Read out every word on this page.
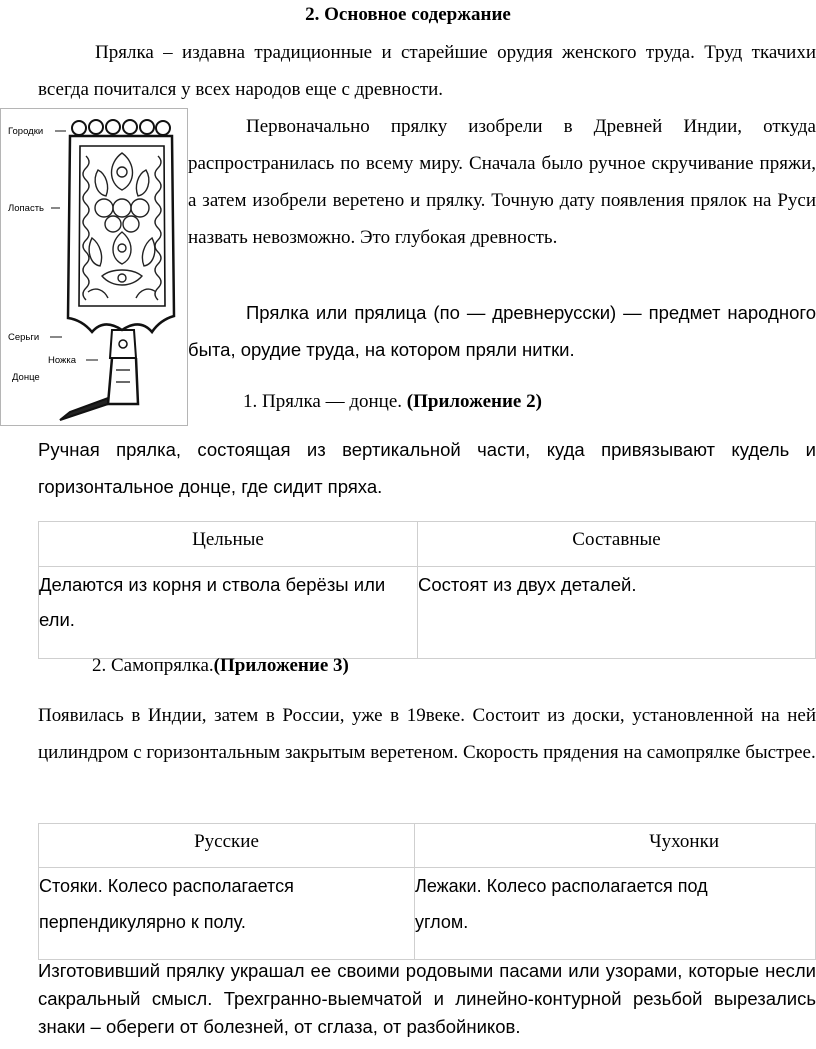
2. Основное содержание
Прялка – издавна традиционные и старейшие орудия женского труда. Труд ткачихи всегда почитался у всех народов еще с древности.
Городки
Лопасть
Серьги
Ножка
Донце
Первоначально прялку изобрели в Древней Индии, откуда распространилась по всему миру. Сначала было ручное скручивание пряжи, а затем изобрели веретено и прялку. Точную дату появления прялок на Руси назвать невозможно. Это глубокая древность.
Прялка или прялица (по — древнерусски) — предмет народного быта, орудие труда, на котором пряли нитки.
1. Прялка — донце. (Приложение 2)
Ручная прялка, состоящая из вертикальной части, куда привязывают кудель и горизонтальное донце, где сидит пряха.
Цельные	Составные
Делаются из корня и ствола берёзы или ели.	Состоят из двух деталей.
2. Самопрялка.(Приложение 3)
Появилась в Индии, затем в России, уже в 19веке. Состоит из доски, установленной на ней цилиндром с горизонтальным закрытым веретеном. Скорость прядения на самопрялке быстрее.
Русские	Чухонки
Стояки. Колесо располагается перпендикулярно к полу.	Лежаки. Колесо располагается под углом.
Изготовивший прялку украшал ее своими родовыми пасами или узорами, которые несли сакральный смысл. Трехгранно-выемчатой и линейно-контурной резьбой вырезались знаки – обереги от болезней, от сглаза, от разбойников.
